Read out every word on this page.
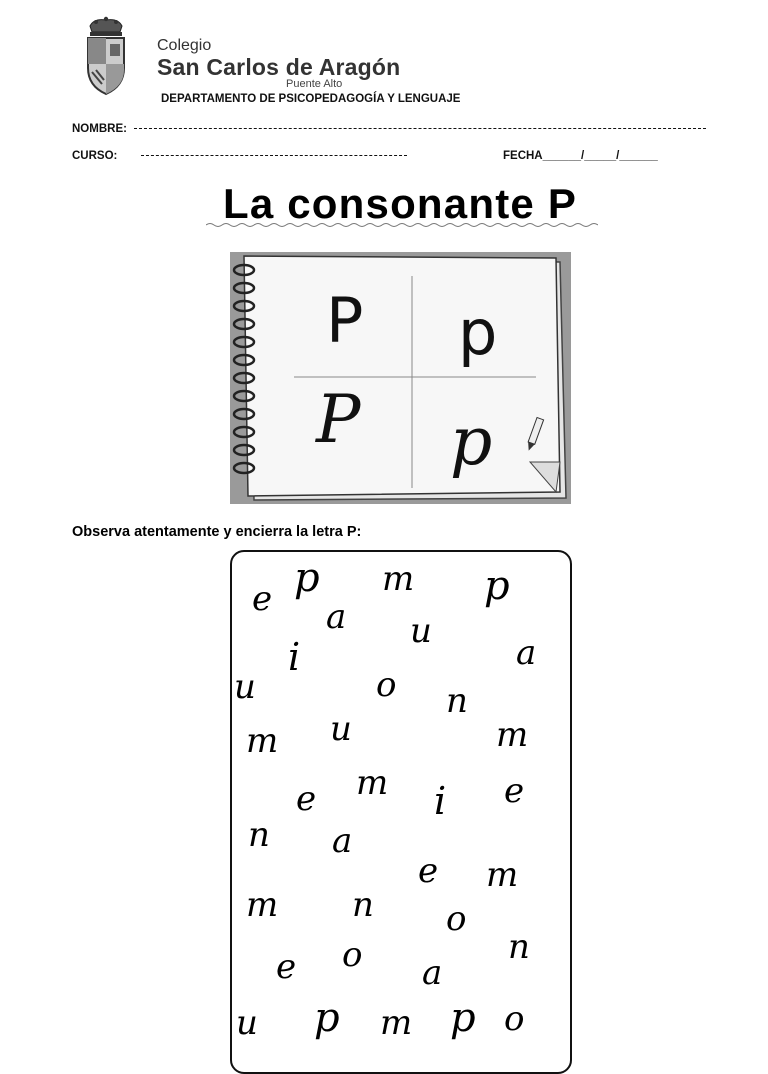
Colegio
San Carlos de Aragón
Puente Alto
DEPARTAMENTO DE PSICOPEDAGOGÍA Y LENGUAJE
NOMBRE:
CURSO:	FECHA______/_____/______
La consonante P
P p
P p
Observa atentamente y encierra la letra P:
e p m p
a u
i	a
u	o n
m u	m
e m i e
n a
e m
m n o
e o a
n
u p m p o
